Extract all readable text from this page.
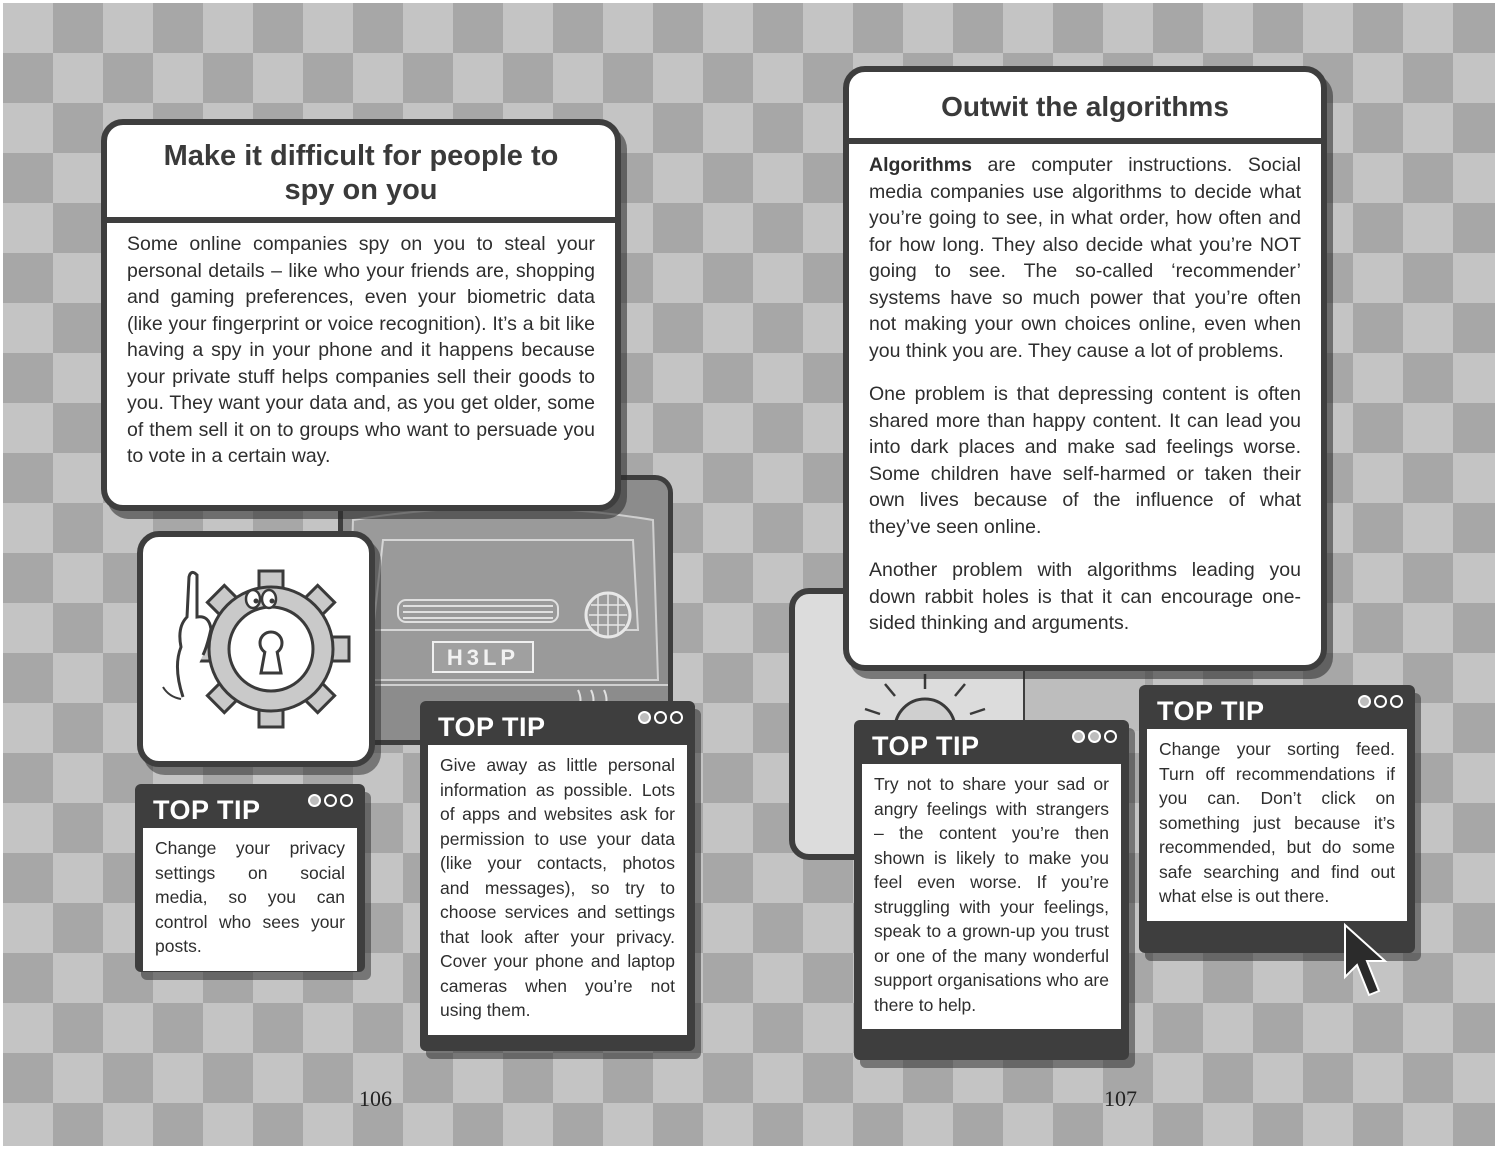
H3LP
Make it difficult for people to spy on you

Some online companies spy on you to steal your personal details – like who your friends are, shopping and gaming preferences, even your biometric data (like your fingerprint or voice recognition). It’s a bit like having a spy in your phone and it happens because your private stuff helps companies sell their goods to you. They want your data and, as you get older, some of them sell it on to groups who want to persuade you to vote in a certain way.

TOP TIP
Change your privacy settings on social media, so you can control who sees your posts.
TOP TIP
Give away as little personal information as possible. Lots of apps and websites ask for permission to use your data (like your contacts, photos and messages), so try to choose services and settings that look after your privacy. Cover your phone and laptop cameras when you’re not using them.
106
Outwit the algorithms

Algorithms are computer instructions. Social media companies use algorithms to decide what you’re going to see, in what order, how often and for how long. They also decide what you’re NOT going to see. The so-called ‘recommender’ systems have so much power that you’re often not making your own choices online, even when you think you are. They cause a lot of problems.

One problem is that depressing content is often shared more than happy content. It can lead you into dark places and make sad feelings worse. Some children have self-harmed or taken their own lives because of the influence of what they’ve seen online.

Another problem with algorithms leading you down rabbit holes is that it can encourage one-sided thinking and arguments.

TOP TIP
Try not to share your sad or angry feelings with strangers – the content you’re then shown is likely to make you feel even worse. If you’re struggling with your feelings, speak to a grown-up you trust or one of the many wonderful support organisations who are there to help.
TOP TIP
Change your sorting feed. Turn off recommendations if you can. Don’t click on something just because it’s recommended, but do some safe searching and find out what else is out there.
107
